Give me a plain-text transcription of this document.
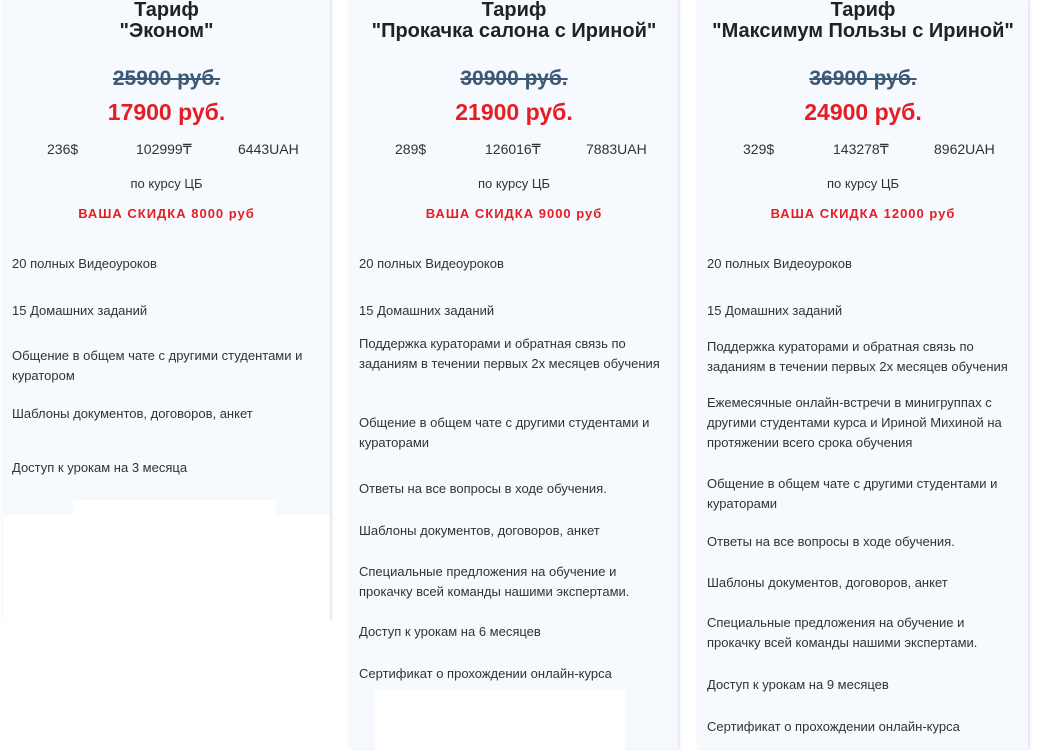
Тариф
"Эконом"
25900 руб.
17900 руб.
236$	102999₸	6443UAH
по курсу ЦБ
ВАША СКИДКА 8000 руб
20 полных Видеоуроков
15 Домашних заданий
Общение в общем чате с другими студентами и куратором
Шаблоны документов, договоров, анкет
Доступ к урокам на 3 месяца
Тариф
"Прокачка салона с Ириной"
30900 руб.
21900 руб.
289$	126016₸	7883UAH
по курсу ЦБ
ВАША СКИДКА 9000 руб
20 полных Видеоуроков
15 Домашних заданий
Поддержка кураторами и обратная связь по заданиям в течении первых 2х месяцев обучения
Общение в общем чате с другими студентами и кураторами
Ответы на все вопросы в ходе обучения.
Шаблоны документов, договоров, анкет
Специальные предложения на обучение и прокачку всей команды нашими экспертами.
Доступ к урокам на 6 месяцев
Сертификат о прохождении онлайн-курса
Тариф
"Максимум Пользы с Ириной"
36900 руб.
24900 руб.
329$	143278₸	8962UAH
по курсу ЦБ
ВАША СКИДКА 12000 руб
20 полных Видеоуроков
15 Домашних заданий
Поддержка кураторами и обратная связь по заданиям в течении первых 2х месяцев обучения
Ежемесячные онлайн-встречи в минигруппах с другими студентами курса и Ириной Михиной на протяжении всего срока обучения
Общение в общем чате с другими студентами и кураторами
Ответы на все вопросы в ходе обучения.
Шаблоны документов, договоров, анкет
Специальные предложения на обучение и прокачку всей команды нашими экспертами.
Доступ к урокам на 9 месяцев
Сертификат о прохождении онлайн-курса
